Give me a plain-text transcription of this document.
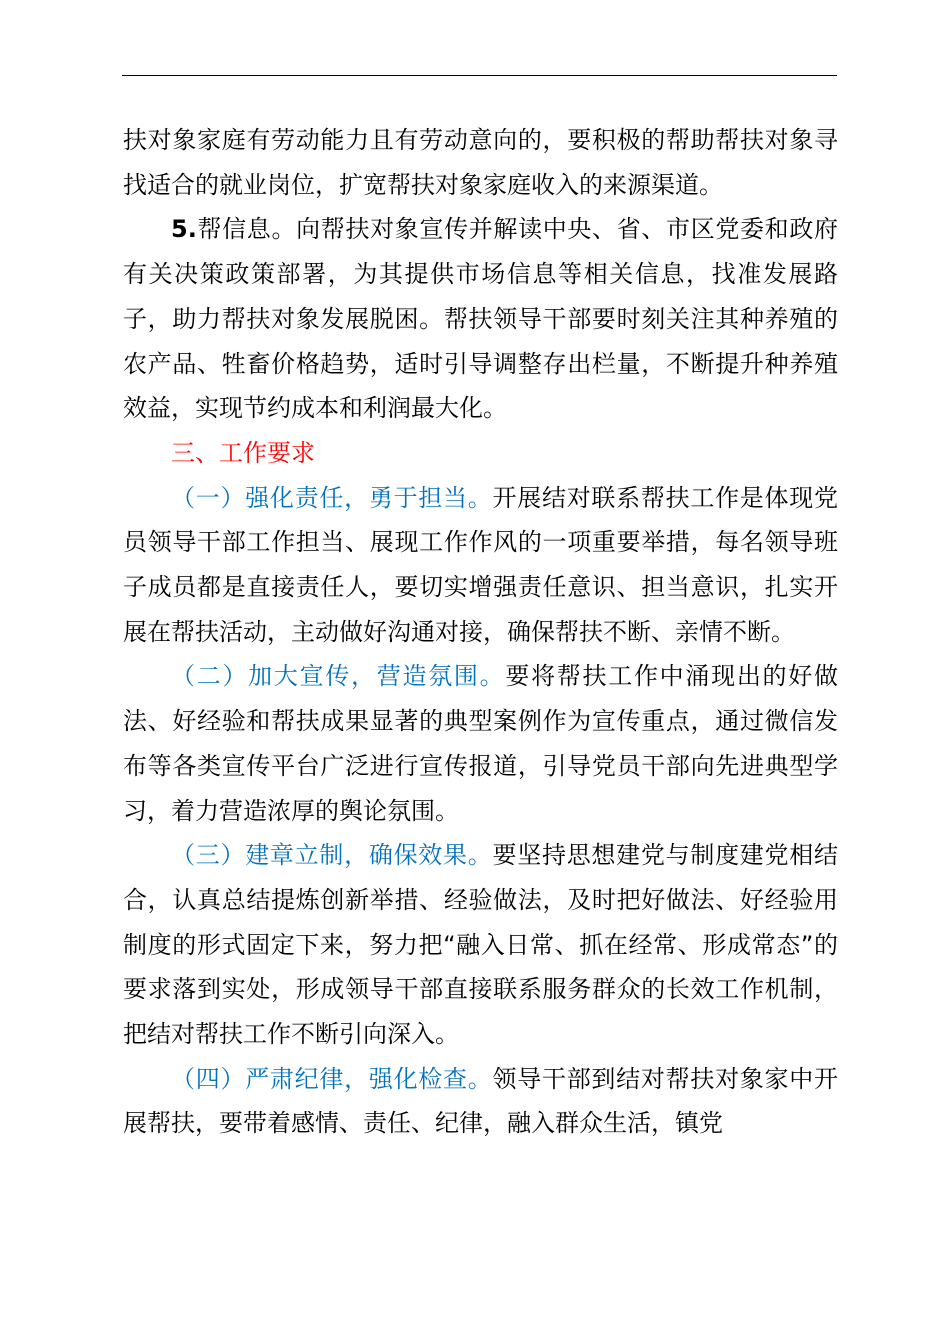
扶对象家庭有劳动能力且有劳动意向的，要积极的帮助帮扶对象寻找适合的就业岗位，扩宽帮扶对象家庭收入的来源渠道。

5.帮信息。向帮扶对象宣传并解读中央、省、市区党委和政府有关决策政策部署，为其提供市场信息等相关信息，找准发展路子，助力帮扶对象发展脱困。帮扶领导干部要时刻关注其种养殖的农产品、牲畜价格趋势，适时引导调整存出栏量，不断提升种养殖效益，实现节约成本和利润最大化。

三、工作要求

（一）强化责任，勇于担当。开展结对联系帮扶工作是体现党员领导干部工作担当、展现工作作风的一项重要举措，每名领导班子成员都是直接责任人，要切实增强责任意识、担当意识，扎实开展在帮扶活动，主动做好沟通对接，确保帮扶不断、亲情不断。

（二）加大宣传，营造氛围。要将帮扶工作中涌现出的好做法、好经验和帮扶成果显著的典型案例作为宣传重点，通过微信发布等各类宣传平台广泛进行宣传报道，引导党员干部向先进典型学习，着力营造浓厚的舆论氛围。

（三）建章立制，确保效果。要坚持思想建党与制度建党相结合，认真总结提炼创新举措、经验做法，及时把好做法、好经验用制度的形式固定下来，努力把“融入日常、抓在经常、形成常态”的要求落到实处，形成领导干部直接联系服务群众的长效工作机制，把结对帮扶工作不断引向深入。

（四）严肃纪律，强化检查。领导干部到结对帮扶对象家中开展帮扶，要带着感情、责任、纪律，融入群众生活，镇党
